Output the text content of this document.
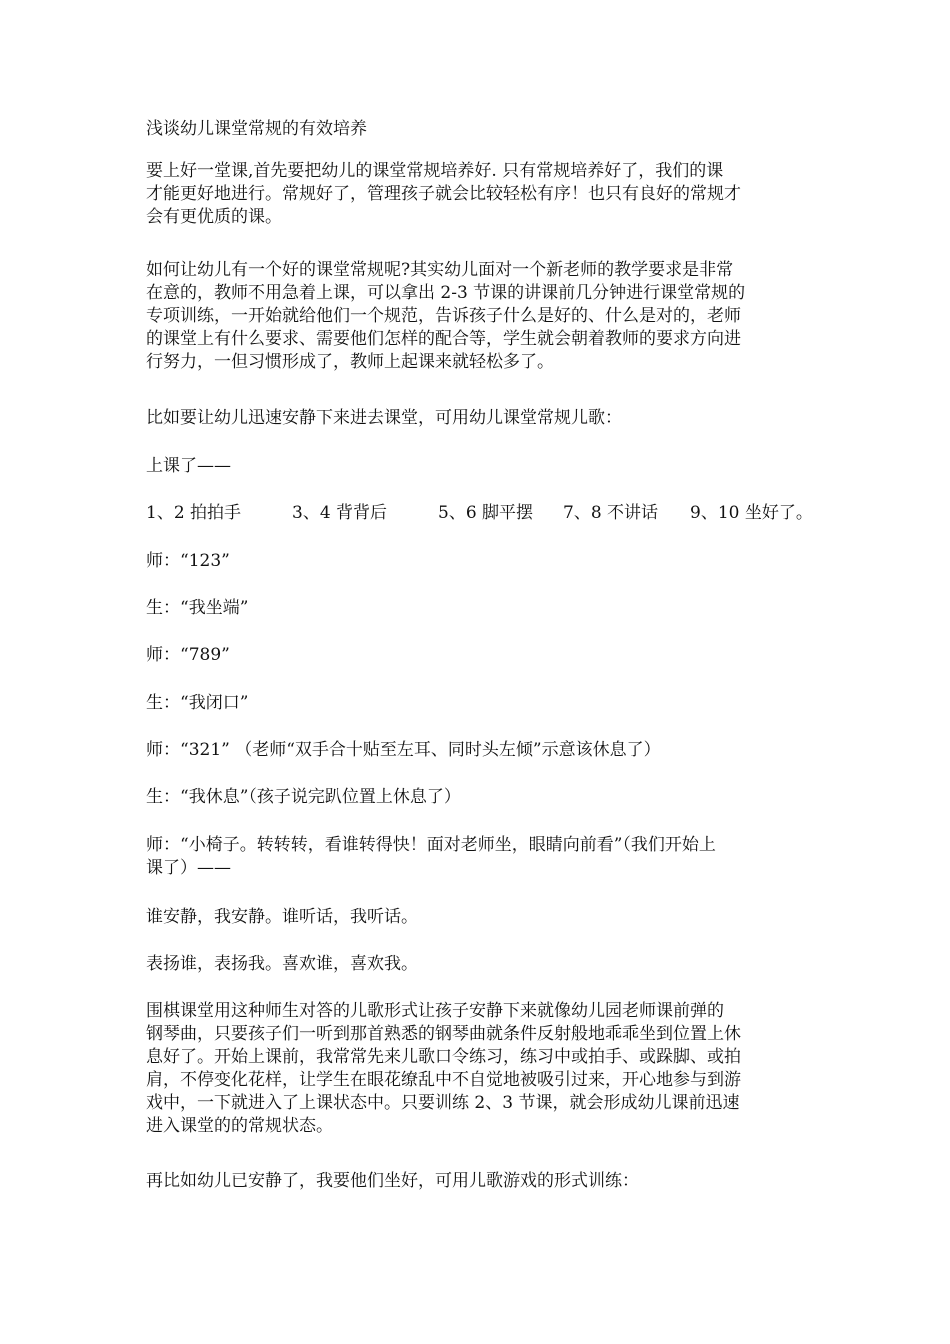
浅谈幼儿课堂常规的有效培养

要上好一堂课,首先要把幼儿的课堂常规培养好. 只有常规培养好了，我们的课
才能更好地进行。常规好了，管理孩子就会比较轻松有序！也只有良好的常规才
会有更优质的课。

如何让幼儿有一个好的课堂常规呢?其实幼儿面对一个新老师的教学要求是非常
在意的，教师不用急着上课，可以拿出 2-3 节课的讲课前几分钟进行课堂常规的
专项训练，一开始就给他们一个规范，告诉孩子什么是好的、什么是对的，老师
的课堂上有什么要求、需要他们怎样的配合等，学生就会朝着教师的要求方向进
行努力，一但习惯形成了，教师上起课来就轻松多了。

比如要让幼儿迅速安静下来进去课堂，可用幼儿课堂常规儿歌：

上课了——

1、2 拍拍手	3、4 背背后	5、6 脚平摆 7、8 不讲话 9、10 坐好了。

师：“123”

生：“我坐端”

师：“789”

生：“我闭口”

师：“321” （老师“双手合十贴至左耳、同时头左倾”示意该休息了）

生：“我休息”（孩子说完趴位置上休息了）

师：“小椅子。转转转，看谁转得快！面对老师坐，眼睛向前看”（我们开始上
课了）——

谁安静，我安静。谁听话，我听话。

表扬谁，表扬我。喜欢谁，喜欢我。

围棋课堂用这种师生对答的儿歌形式让孩子安静下来就像幼儿园老师课前弹的
钢琴曲，只要孩子们一听到那首熟悉的钢琴曲就条件反射般地乖乖坐到位置上休
息好了。开始上课前，我常常先来儿歌口令练习，练习中或拍手、或跺脚、或拍
肩，不停变化花样，让学生在眼花缭乱中不自觉地被吸引过来，开心地参与到游
戏中，一下就进入了上课状态中。只要训练 2、3 节课，就会形成幼儿课前迅速
进入课堂的的常规状态。

再比如幼儿已安静了，我要他们坐好，可用儿歌游戏的形式训练：
